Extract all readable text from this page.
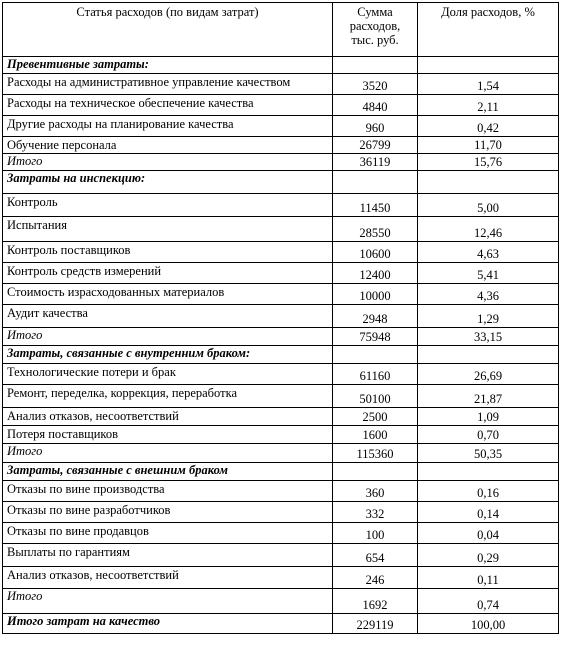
Статья расходов (по видам затрат)	Сумма расходов, тыс. руб.	Доля расходов, %
Превентивные затраты:		
Расходы на административное управление качеством	3520	1,54
Расходы на техническое обеспечение качества	4840	2,11
Другие расходы на планирование качества	960	0,42
Обучение персонала	26799	11,70
Итого	36119	15,76
Затраты на инспекцию:		
Контроль	11450	5,00
Испытания	28550	12,46
Контроль поставщиков	10600	4,63
Контроль средств измерений	12400	5,41
Стоимость израсходованных материалов	10000	4,36
Аудит качества	2948	1,29
Итого	75948	33,15
Затраты, связанные с внутренним браком:		
Технологические потери и брак	61160	26,69
Ремонт, переделка, коррекция, переработка	50100	21,87
Анализ отказов, несоответствий	2500	1,09
Потеря поставщиков	1600	0,70
Итого	115360	50,35
Затраты, связанные с внешним браком		
Отказы по вине производства	360	0,16
Отказы по вине разработчиков	332	0,14
Отказы по вине продавцов	100	0,04
Выплаты по гарантиям	654	0,29
Анализ отказов, несоответствий	246	0,11
Итого	1692	0,74
Итого затрат на качество	229119	100,00
